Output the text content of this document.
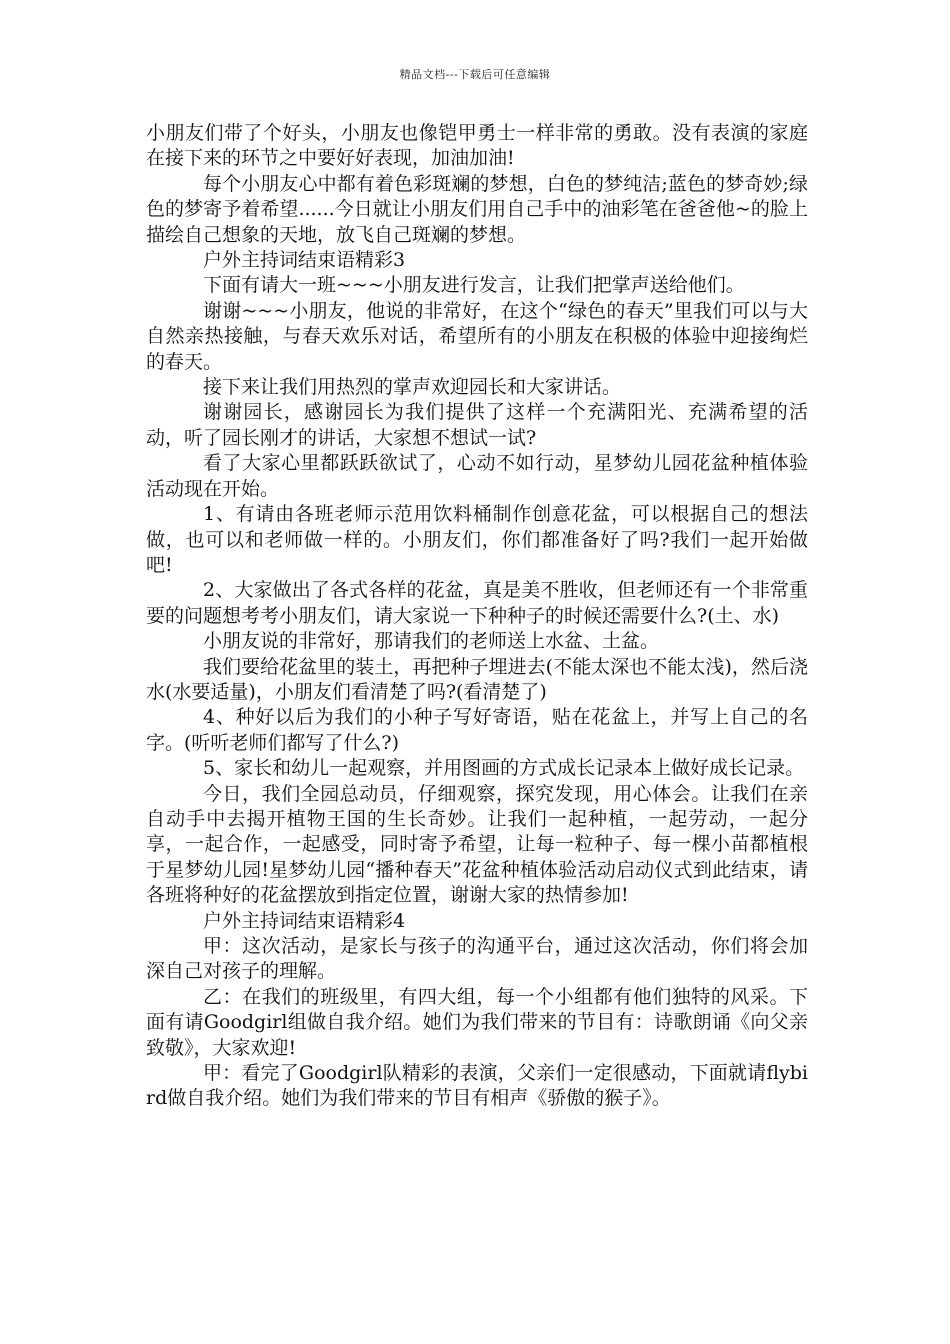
精品文档---下载后可任意编辑

小朋友们带了个好头，小朋友也像铠甲勇士一样非常的勇敢。没有表演的家庭在接下来的环节之中要好好表现，加油加油!

每个小朋友心中都有着色彩斑斓的梦想，白色的梦纯洁;蓝色的梦奇妙;绿色的梦寄予着希望......今日就让小朋友们用自己手中的油彩笔在爸爸他~的脸上描绘自己想象的天地，放飞自己斑斓的梦想。

户外主持词结束语精彩3

下面有请大一班~~~小朋友进行发言，让我们把掌声送给他们。

谢谢~~~小朋友，他说的非常好，在这个“绿色的春天”里我们可以与大自然亲热接触，与春天欢乐对话，希望所有的小朋友在积极的体验中迎接绚烂的春天。

接下来让我们用热烈的掌声欢迎园长和大家讲话。

谢谢园长，感谢园长为我们提供了这样一个充满阳光、充满希望的活动，听了园长刚才的讲话，大家想不想试一试?

看了大家心里都跃跃欲试了，心动不如行动，星梦幼儿园花盆种植体验活动现在开始。

1、有请由各班老师示范用饮料桶制作创意花盆，可以根据自己的想法做，也可以和老师做一样的。小朋友们，你们都准备好了吗?我们一起开始做吧!

2、大家做出了各式各样的花盆，真是美不胜收，但老师还有一个非常重要的问题想考考小朋友们，请大家说一下种种子的时候还需要什么?(土、水)

小朋友说的非常好，那请我们的老师送上水盆、土盆。

我们要给花盆里的装土，再把种子埋进去(不能太深也不能太浅)，然后浇水(水要适量)，小朋友们看清楚了吗?(看清楚了)

4、种好以后为我们的小种子写好寄语，贴在花盆上，并写上自己的名字。(听听老师们都写了什么?)

5、家长和幼儿一起观察，并用图画的方式成长记录本上做好成长记录。

今日，我们全园总动员，仔细观察，探究发现，用心体会。让我们在亲自动手中去揭开植物王国的生长奇妙。让我们一起种植，一起劳动，一起分享，一起合作，一起感受，同时寄予希望，让每一粒种子、每一棵小苗都植根于星梦幼儿园!星梦幼儿园“播种春天”花盆种植体验活动启动仪式到此结束，请各班将种好的花盆摆放到指定位置，谢谢大家的热情参加!

户外主持词结束语精彩4

甲：这次活动，是家长与孩子的沟通平台，通过这次活动，你们将会加深自己对孩子的理解。

乙：在我们的班级里，有四大组，每一个小组都有他们独特的风采。下面有请Goodgirl组做自我介绍。她们为我们带来的节目有：诗歌朗诵《向父亲致敬》，大家欢迎!

甲：看完了Goodgirl队精彩的表演，父亲们一定很感动，下面就请flybird做自我介绍。她们为我们带来的节目有相声《骄傲的猴子》。
